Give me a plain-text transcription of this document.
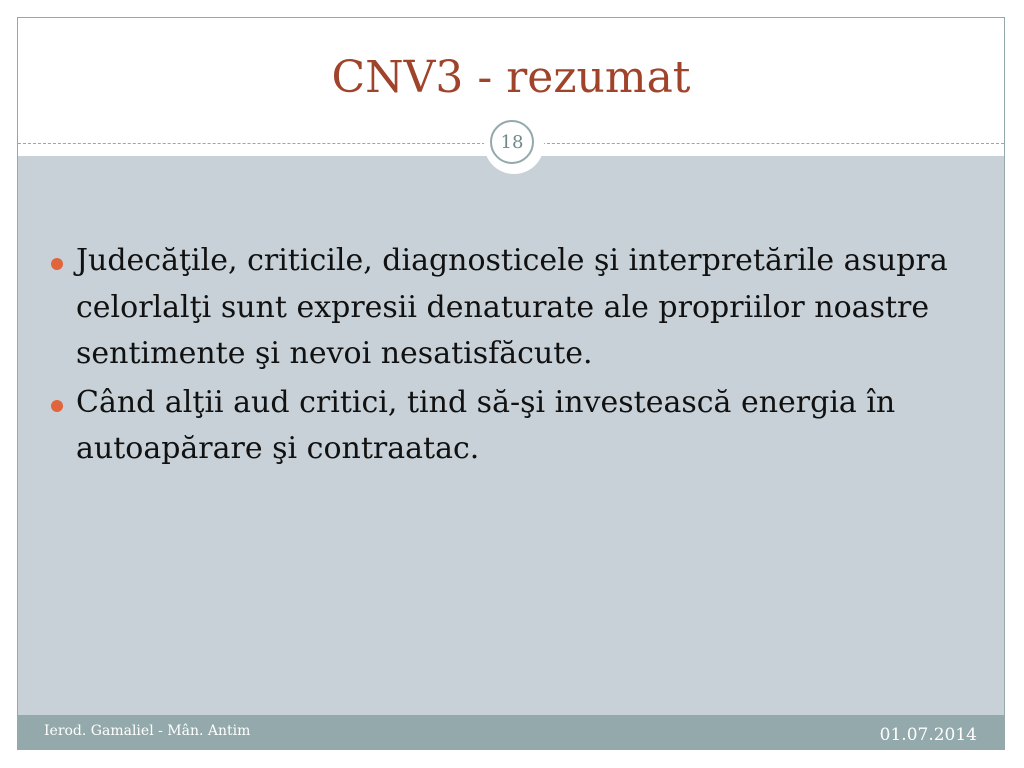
CNV3 - rezumat
18
Judecăţile, criticile, diagnosticele şi interpretările asupra celorlalţi sunt expresii denaturate ale propriilor noastre sentimente şi nevoi nesatisfăcute.
Când alţii aud critici, tind să-şi investească energia în autoapărare şi contraatac.
Ierod. Gamaliel - Mân. Antim	01.07.2014
